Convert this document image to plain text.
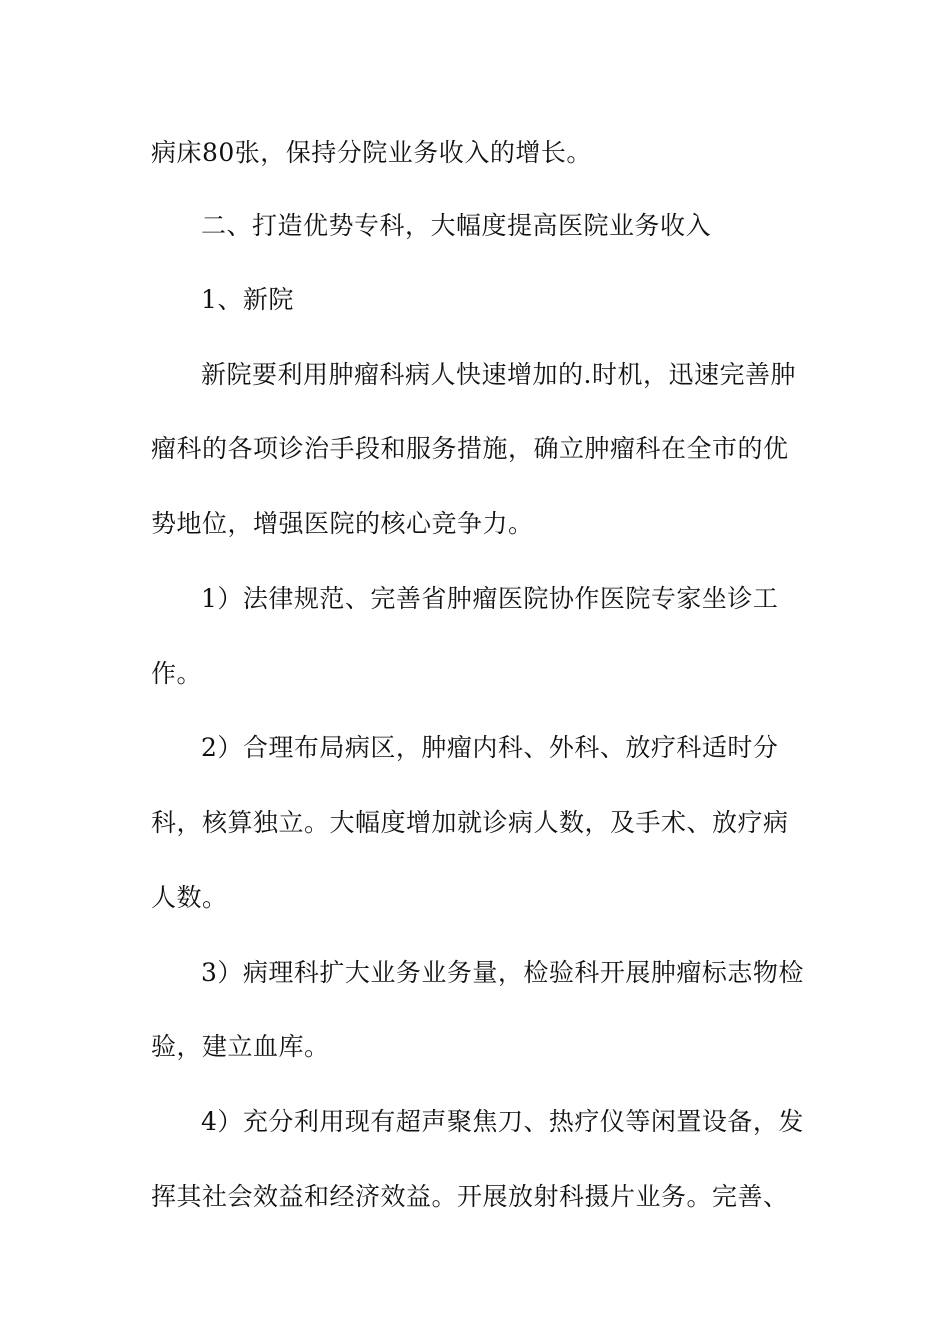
病床80张，保持分院业务收入的增长。
二、打造优势专科，大幅度提高医院业务收入
1、新院
新院要利用肿瘤科病人快速增加的.时机，迅速完善肿
瘤科的各项诊治手段和服务措施，确立肿瘤科在全市的优
势地位，增强医院的核心竞争力。
1）法律规范、完善省肿瘤医院协作医院专家坐诊工
作。
2）合理布局病区，肿瘤内科、外科、放疗科适时分
科，核算独立。大幅度增加就诊病人数，及手术、放疗病
人数。
3）病理科扩大业务业务量，检验科开展肿瘤标志物检
验，建立血库。
4）充分利用现有超声聚焦刀、热疗仪等闲置设备，发
挥其社会效益和经济效益。开展放射科摄片业务。完善、
